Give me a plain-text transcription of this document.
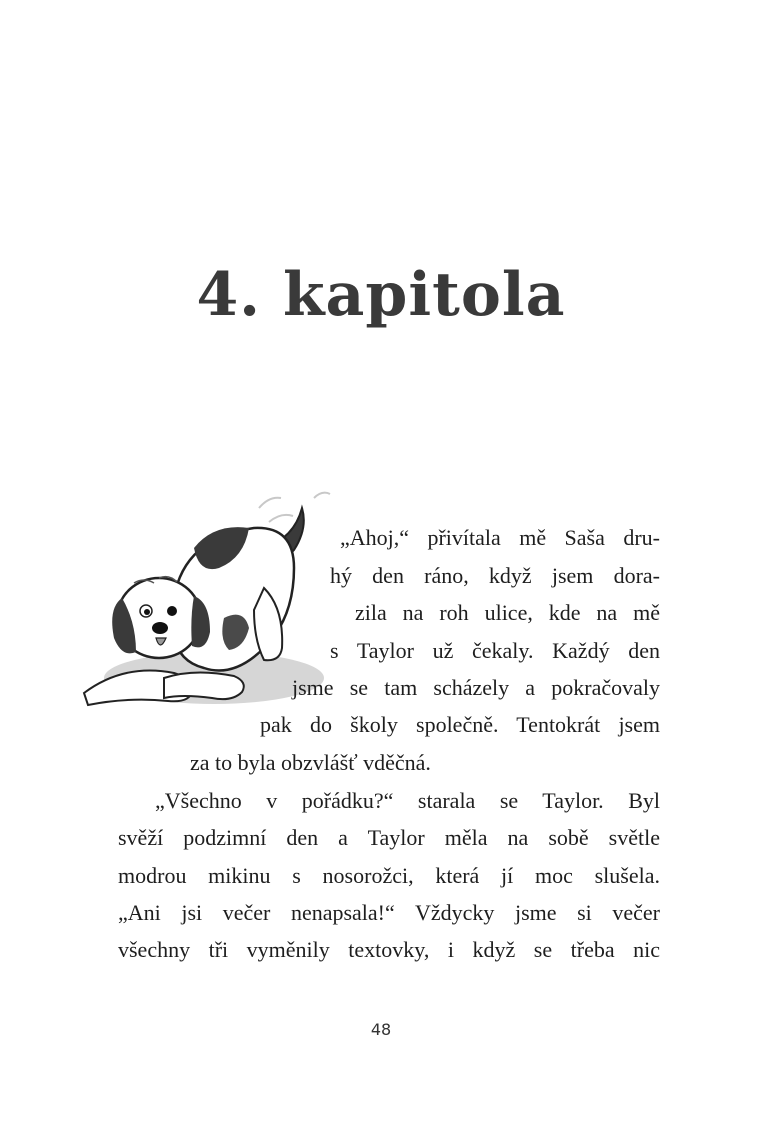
4. kapitola
„Ahoj,“ přivítala mě Saša dru-
hý den ráno, když jsem dora-
zila na roh ulice, kde na mě
s Taylor už čekaly. Každý den
jsme se tam scházely a pokračovaly
pak do školy společně. Tentokrát jsem
za to byla obzvlášť vděčná.
„Všechno v pořádku?“ starala se Taylor. Byl
svěží podzimní den a Taylor měla na sobě světle
modrou mikinu s nosorožci, která jí moc slušela.
„Ani jsi večer nenapsala!“ Vždycky jsme si večer
všechny tři vyměnily textovky, i když se třeba nic
48
